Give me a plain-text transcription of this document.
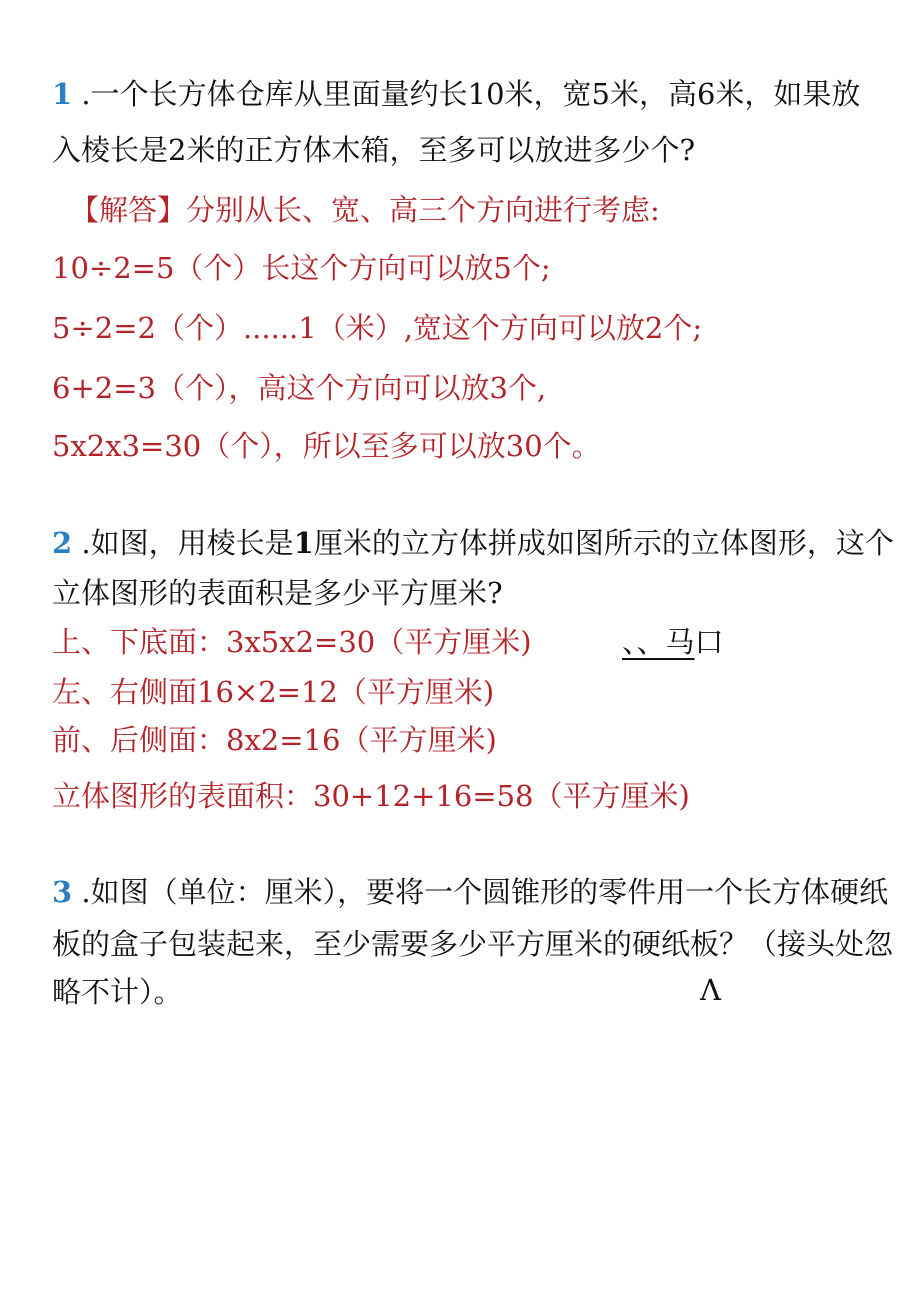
1 .一个长方体仓库从里面量约长10米，宽5米，高6米，如果放
入棱长是2米的正方体木箱，至多可以放进多少个?
【解答】分别从长、宽、高三个方向进行考虑:
10÷2=5（个）长这个方向可以放5个;
5÷2=2（个）......1（米）,宽这个方向可以放2个;
6+2=3（个），高这个方向可以放3个,
5x2x3=30（个），所以至多可以放30个。
2 .如图，用棱长是1厘米的立方体拼成如图所示的立体图形，这个
立体图形的表面积是多少平方厘米?
上、下底面：3x5x2=30（平方厘米)
左、右侧面16×2=12（平方厘米)
前、后侧面：8x2=16（平方厘米)
立体图形的表面积：30+12+16=58（平方厘米)
、、马口
3 .如图（单位：厘米），要将一个圆锥形的零件用一个长方体硬纸
板的盒子包装起来，至少需要多少平方厘米的硬纸板？（接头处忽
略不计）。	Λ
